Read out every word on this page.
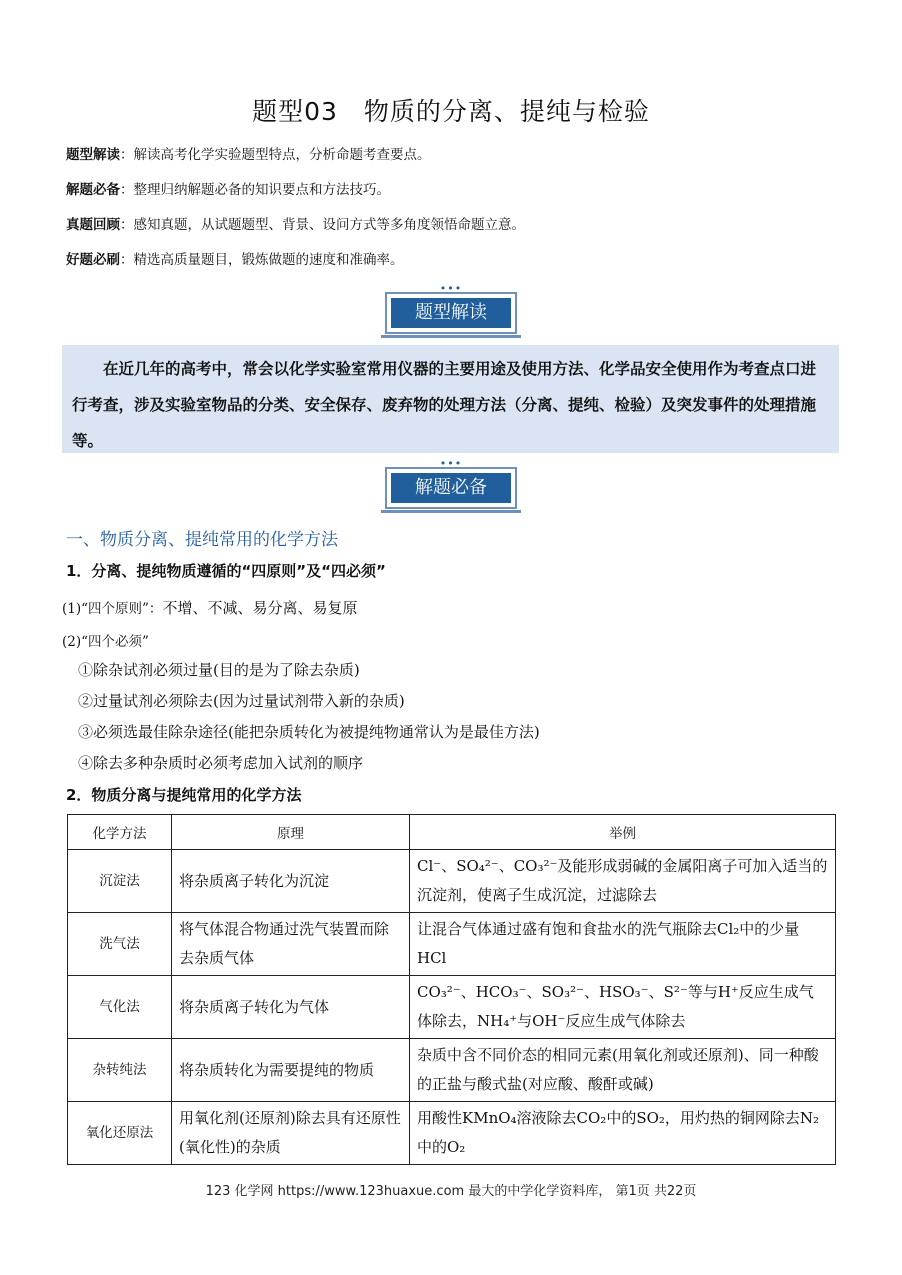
题型03　物质的分离、提纯与检验
题型解读：解读高考化学实验题型特点，分析命题考查要点。
解题必备：整理归纳解题必备的知识要点和方法技巧。
真题回顾：感知真题，从试题题型、背景、设问方式等多角度领悟命题立意。
好题必刷：精选高质量题目，锻炼做题的速度和准确率。
•••
题型解读
在近几年的高考中，常会以化学实验室常用仪器的主要用途及使用方法、化学品安全使用作为考查点口进行考查，涉及实验室物品的分类、安全保存、废弃物的处理方法（分离、提纯、检验）及突发事件的处理措施等。
•••
解题必备
一、物质分离、提纯常用的化学方法
1．分离、提纯物质遵循的“四原则”及“四必须”
(1)“四个原则”：不增、不减、易分离、易复原
(2)“四个必须”
①除杂试剂必须过量(目的是为了除去杂质)
②过量试剂必须除去(因为过量试剂带入新的杂质)
③必须选最佳除杂途径(能把杂质转化为被提纯物通常认为是最佳方法)
④除去多种杂质时必须考虑加入试剂的顺序
2．物质分离与提纯常用的化学方法
化学方法	原理	举例
沉淀法	将杂质离子转化为沉淀	Cl⁻、SO₄²⁻、CO₃²⁻及能形成弱碱的金属阳离子可加入适当的沉淀剂，使离子生成沉淀，过滤除去
洗气法	将气体混合物通过洗气装置而除去杂质气体	让混合气体通过盛有饱和食盐水的洗气瓶除去Cl₂中的少量HCl
气化法	将杂质离子转化为气体	CO₃²⁻、HCO₃⁻、SO₃²⁻、HSO₃⁻、S²⁻等与H⁺反应生成气体除去，NH₄⁺与OH⁻反应生成气体除去
杂转纯法	将杂质转化为需要提纯的物质	杂质中含不同价态的相同元素(用氧化剂或还原剂)、同一种酸的正盐与酸式盐(对应酸、酸酐或碱)
氧化还原法	用氧化剂(还原剂)除去具有还原性(氧化性)的杂质	用酸性KMnO₄溶液除去CO₂中的SO₂，用灼热的铜网除去N₂中的O₂
123 化学网 https://www.123huaxue.com 最大的中学化学资料库， 第1页 共22页
